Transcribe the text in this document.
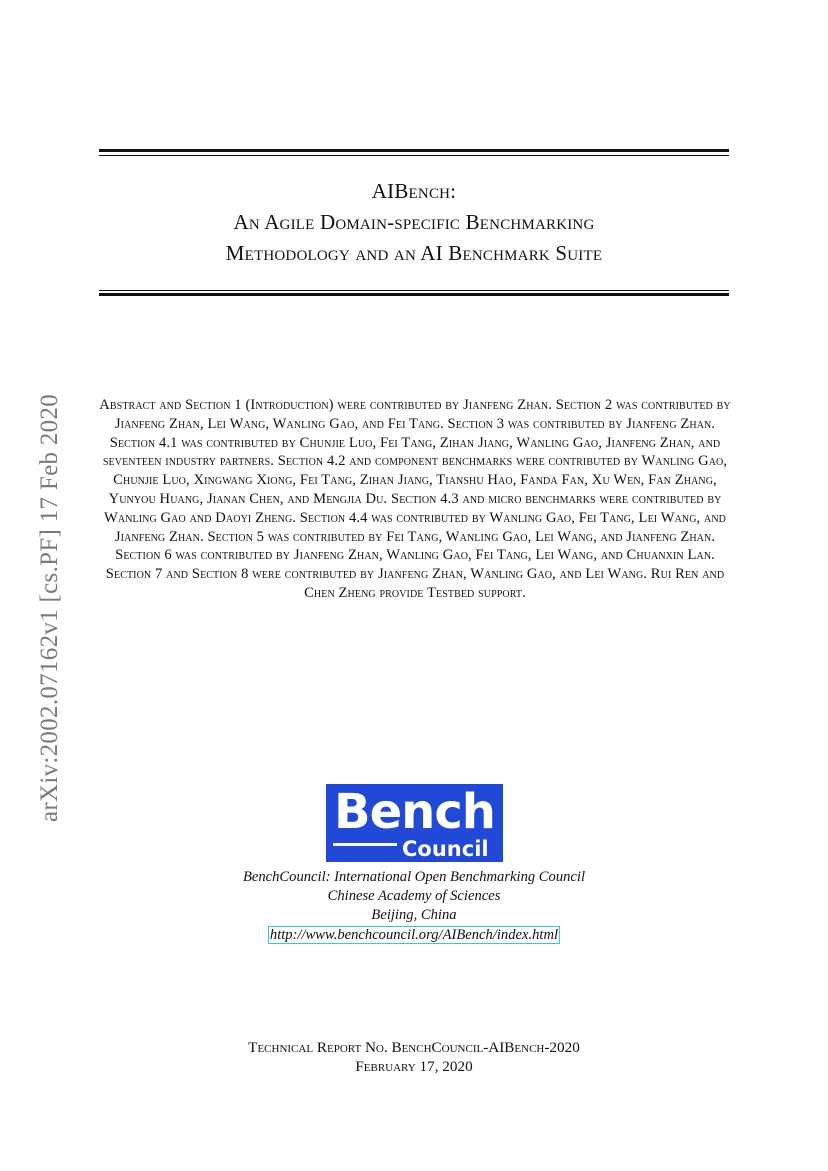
arXiv:2002.07162v1 [cs.PF] 17 Feb 2020
AIBench:
An Agile Domain-specific Benchmarking
Methodology and an AI Benchmark Suite
Abstract and Section 1 (Introduction) were contributed by Jianfeng Zhan. Section 2 was contributed by Jianfeng Zhan, Lei Wang, Wanling Gao, and Fei Tang. Section 3 was contributed by Jianfeng Zhan. Section 4.1 was contributed by Chunjie Luo, Fei Tang, Zihan Jiang, Wanling Gao, Jianfeng Zhan, and seventeen industry partners. Section 4.2 and component benchmarks were contributed by Wanling Gao, Chunjie Luo, Xingwang Xiong, Fei Tang, Zihan Jiang, Tianshu Hao, Fanda Fan, Xu Wen, Fan Zhang, Yunyou Huang, Jianan Chen, and Mengjia Du. Section 4.3 and micro benchmarks were contributed by Wanling Gao and Daoyi Zheng. Section 4.4 was contributed by Wanling Gao, Fei Tang, Lei Wang, and Jianfeng Zhan. Section 5 was contributed by Fei Tang, Wanling Gao, Lei Wang, and Jianfeng Zhan. Section 6 was contributed by Jianfeng Zhan, Wanling Gao, Fei Tang, Lei Wang, and Chuanxin Lan. Section 7 and Section 8 were contributed by Jianfeng Zhan, Wanling Gao, and Lei Wang. Rui Ren and Chen Zheng provide Testbed support.
Bench
Council
BenchCouncil: International Open Benchmarking Council
Chinese Academy of Sciences
Beijing, China
http://www.benchcouncil.org/AIBench/index.html
Technical Report No. BenchCouncil-AIBench-2020
February 17, 2020
